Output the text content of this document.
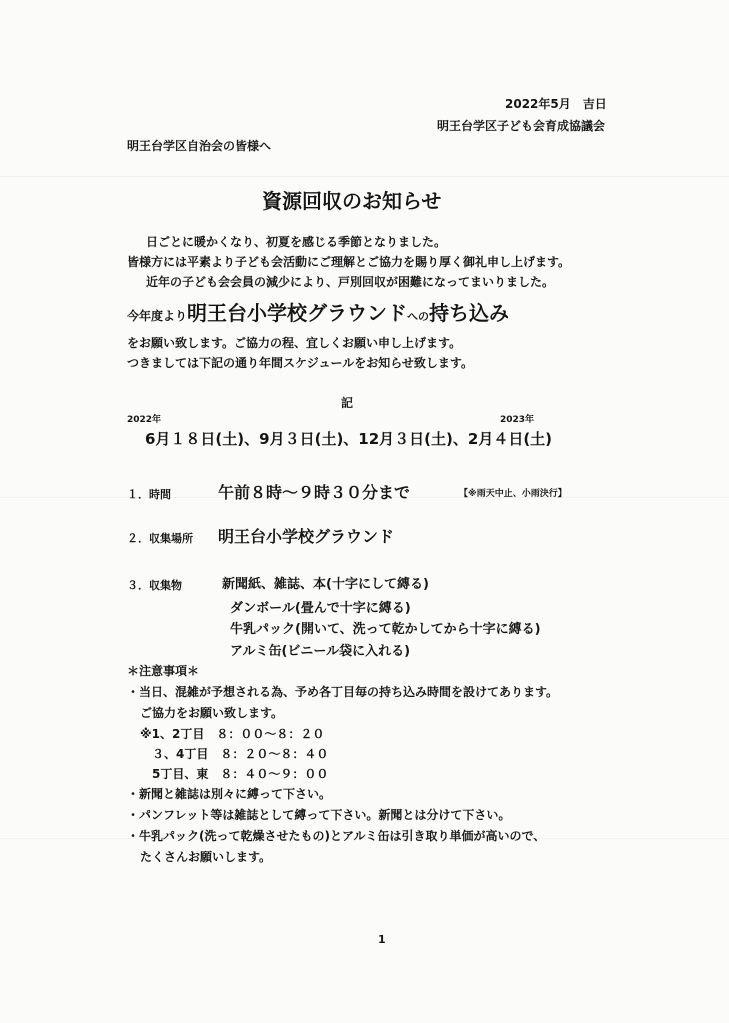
2022年5月　吉日
明王台学区子ども会育成協議会
明王台学区自治会の皆様へ
資源回収のお知らせ
日ごとに暖かくなり、初夏を感じる季節となりました。
皆様方には平素より子ども会活動にご理解とご協力を賜り厚く御礼申し上げます。
近年の子ども会会員の減少により、戸別回収が困難になってまいりました。
今年度より明王台小学校グラウンドへの持ち込み
をお願い致します。ご協力の程、宜しくお願い申し上げます。
つきましては下記の通り年間スケジュールをお知らせ致します。
記
2022年	2023年
6月１８日(土)、9月３日(土)、12月３日(土)、2月４日(土)
１．時間	午前８時～９時３０分まで	【※雨天中止、小雨決行】
２．収集場所 明王台小学校グラウンド
３．収集物	新聞紙、雑誌、本(十字にして縛る)
ダンボール(畳んで十字に縛る)
牛乳パック(開いて、洗って乾かしてから十字に縛る)
アルミ缶(ビニール袋に入れる)
＊注意事項＊
・当日、混雑が予想される為、予め各丁目毎の持ち込み時間を設けてあります。
ご協力をお願い致します。
※1、2丁目　８：００～８：２０
３、4丁目　８：２０～８：４０
5丁目、東　８：４０～９：００
・新聞と雑誌は別々に縛って下さい。
・パンフレット等は雑誌として縛って下さい。新聞とは分けて下さい。
・牛乳パック(洗って乾燥させたもの)とアルミ缶は引き取り単価が高いので、
たくさんお願いします。
1
